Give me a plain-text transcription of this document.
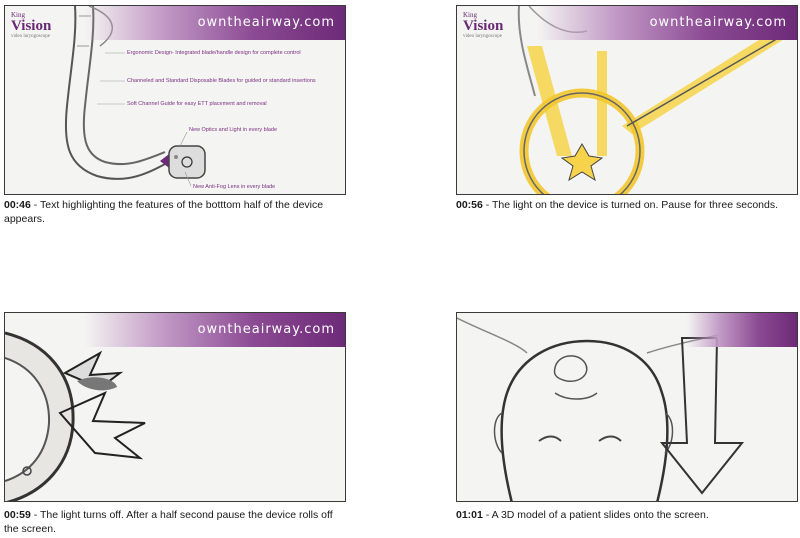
owntheairway.com
King
Vision
video laryngoscope
Ergonomic Design- Integrated blade/handle design for complete control
Channeled and Standard Disposable Blades for guided or standard insertions
Soft Channel Guide for easy ETT placement and removal
New Optics and Light in every blade
New Anti-Fog Lens in every blade
00:46 - Text highlighting the features of the botttom half of the device appears.
owntheairway.com
King
Vision
video laryngoscope
00:56 - The light on the device is turned on. Pause for three seconds.
owntheairway.com
00:59 - The light turns off. After a half second pause the device rolls off the screen.
01:01 - A 3D model of a patient slides onto the screen.
